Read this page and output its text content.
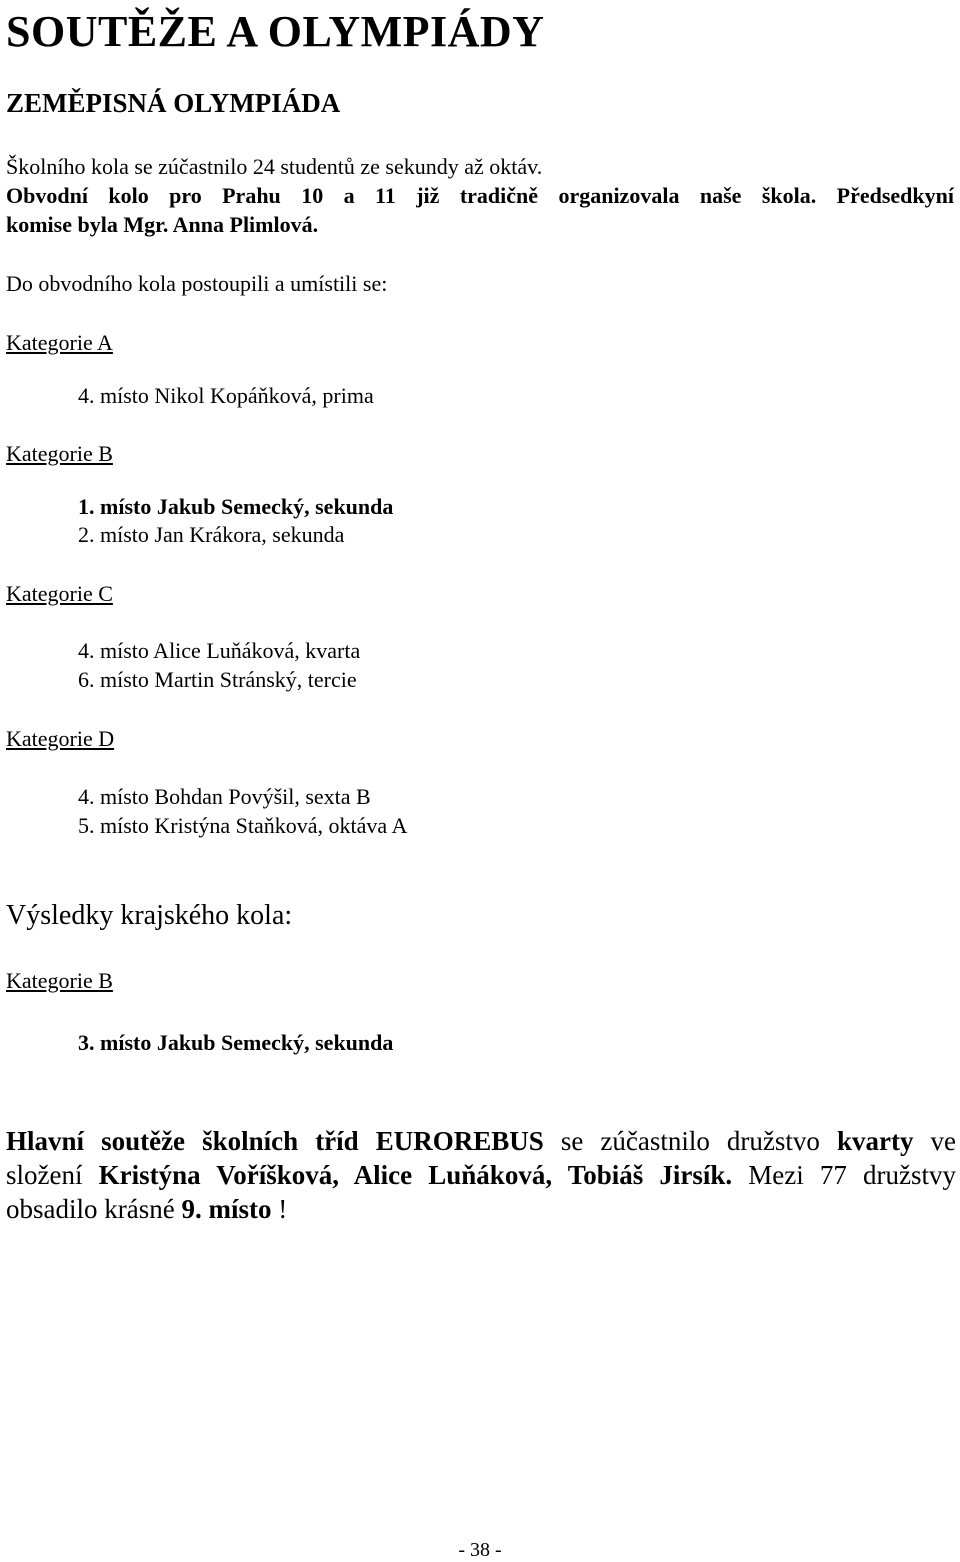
SOUTĚŽE A OLYMPIÁDY
ZEMĚPISNÁ OLYMPIÁDA
Školního kola se zúčastnilo 24 studentů ze sekundy až oktáv.
Obvodní kolo pro Prahu 10 a 11 již tradičně organizovala naše škola. Předsedkyní
komise byla Mgr. Anna Plimlová.
Do obvodního kola postoupili a umístili se:
Kategorie A
4. místo Nikol Kopáňková, prima
Kategorie B
1. místo Jakub Semecký, sekunda
2. místo Jan Krákora, sekunda
Kategorie C
4. místo Alice Luňáková, kvarta
6. místo Martin Stránský, tercie
Kategorie D
4. místo Bohdan Povýšil, sexta B
5. místo Kristýna Staňková, oktáva A
Výsledky krajského kola:
Kategorie B
3. místo Jakub Semecký, sekunda
Hlavní soutěže školních tříd EUROREBUS se zúčastnilo družstvo kvarty ve
složení Kristýna Voříšková, Alice Luňáková, Tobiáš Jirsík. Mezi 77 družstvy
obsadilo krásné 9. místo !
- 38 -
